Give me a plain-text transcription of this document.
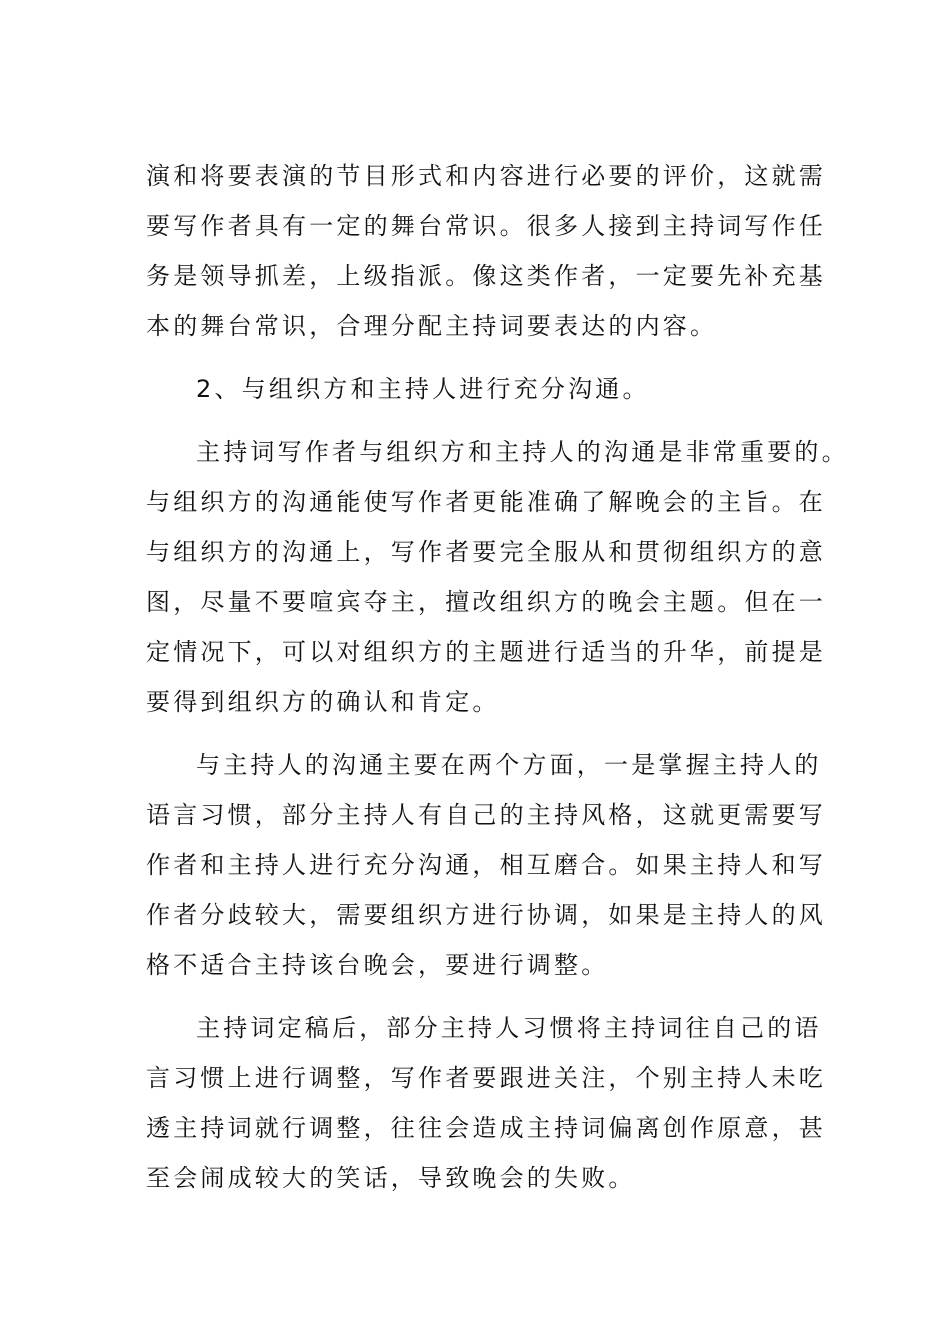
演和将要表演的节目形式和内容进行必要的评价，这就需
要写作者具有一定的舞台常识。很多人接到主持词写作任
务是领导抓差，上级指派。像这类作者，一定要先补充基
本的舞台常识，合理分配主持词要表达的内容。
2、与组织方和主持人进行充分沟通。
主持词写作者与组织方和主持人的沟通是非常重要的。
与组织方的沟通能使写作者更能准确了解晚会的主旨。在
与组织方的沟通上，写作者要完全服从和贯彻组织方的意
图，尽量不要喧宾夺主，擅改组织方的晚会主题。但在一
定情况下，可以对组织方的主题进行适当的升华，前提是
要得到组织方的确认和肯定。
与主持人的沟通主要在两个方面，一是掌握主持人的
语言习惯，部分主持人有自己的主持风格，这就更需要写
作者和主持人进行充分沟通，相互磨合。如果主持人和写
作者分歧较大，需要组织方进行协调，如果是主持人的风
格不适合主持该台晚会，要进行调整。
主持词定稿后，部分主持人习惯将主持词往自己的语
言习惯上进行调整，写作者要跟进关注，个别主持人未吃
透主持词就行调整，往往会造成主持词偏离创作原意，甚
至会闹成较大的笑话，导致晚会的失败。
